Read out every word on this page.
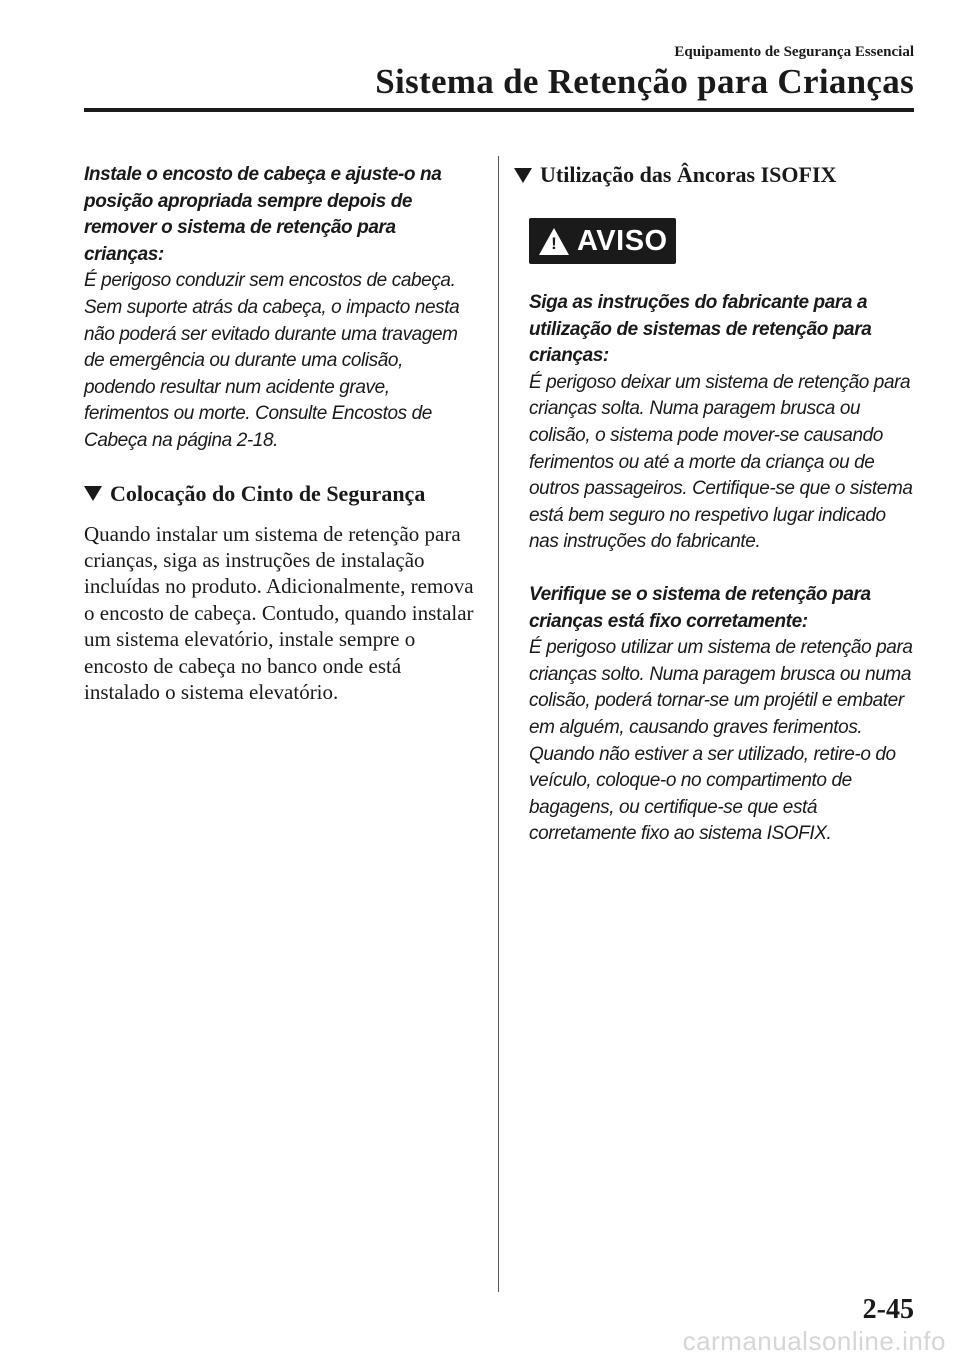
Equipamento de Segurança Essencial
Sistema de Retenção para Crianças

Instale o encosto de cabeça e ajuste-o na posição apropriada sempre depois de remover o sistema de retenção para crianças:

É perigoso conduzir sem encostos de cabeça. Sem suporte atrás da cabeça, o impacto nesta não poderá ser evitado durante uma travagem de emergência ou durante uma colisão, podendo resultar num acidente grave, ferimentos ou morte. Consulte Encostos de Cabeça na página 2-18.

Colocação do Cinto de Segurança

Quando instalar um sistema de retenção para crianças, siga as instruções de instalação incluídas no produto. Adicionalmente, remova o encosto de cabeça. Contudo, quando instalar um sistema elevatório, instale sempre o encosto de cabeça no banco onde está instalado o sistema elevatório.

Utilização das Âncoras ISOFIX
! AVISO

Siga as instruções do fabricante para a utilização de sistemas de retenção para crianças:

É perigoso deixar um sistema de retenção para crianças solta. Numa paragem brusca ou colisão, o sistema pode mover-se causando ferimentos ou até a morte da criança ou de outros passageiros. Certifique-se que o sistema está bem seguro no respetivo lugar indicado nas instruções do fabricante.

Verifique se o sistema de retenção para crianças está fixo corretamente:

É perigoso utilizar um sistema de retenção para crianças solto. Numa paragem brusca ou numa colisão, poderá tornar-se um projétil e embater em alguém, causando graves ferimentos. Quando não estiver a ser utilizado, retire-o do veículo, coloque-o no compartimento de bagagens, ou certifique-se que está corretamente fixo ao sistema ISOFIX.

2-45
carmanualsonline.info
